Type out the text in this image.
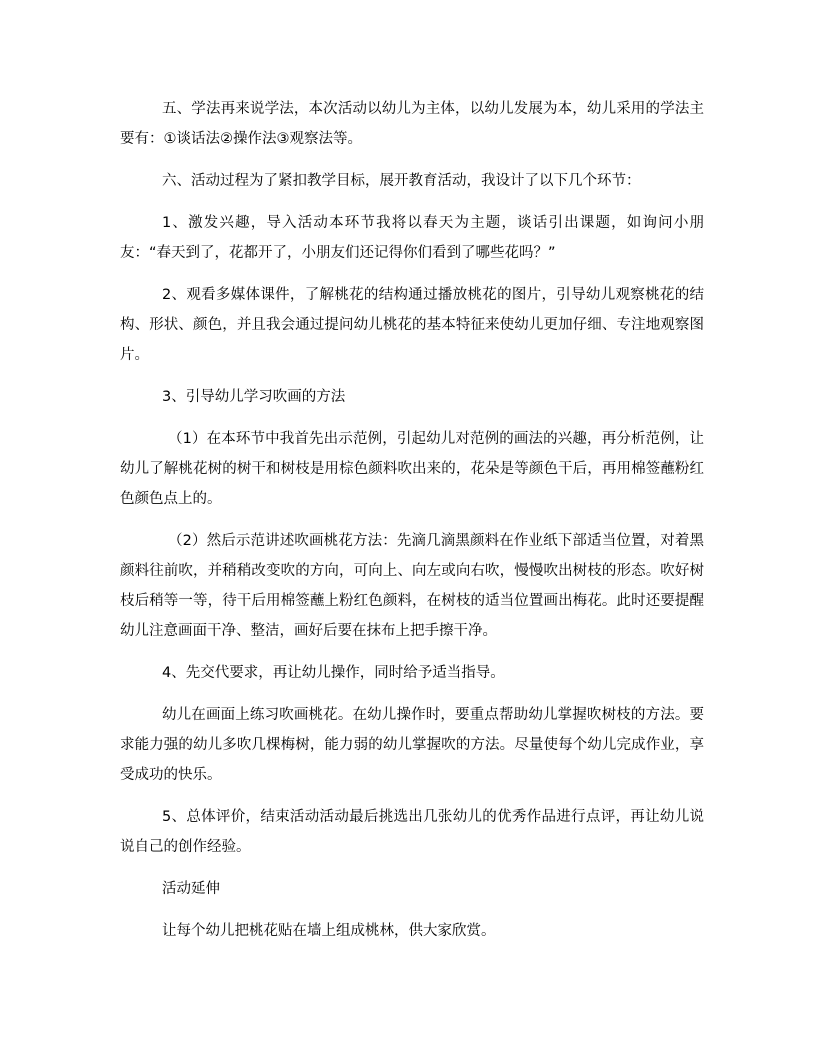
五、学法再来说学法，本次活动以幼儿为主体，以幼儿发展为本，幼儿采用的学法主要有：①谈话法②操作法③观察法等。

六、活动过程为了紧扣教学目标，展开教育活动，我设计了以下几个环节：

1、激发兴趣，导入活动本环节我将以春天为主题，谈话引出课题，如询问小朋友：“春天到了，花都开了，小朋友们还记得你们看到了哪些花吗？”

2、观看多媒体课件，了解桃花的结构通过播放桃花的图片，引导幼儿观察桃花的结构、形状、颜色，并且我会通过提问幼儿桃花的基本特征来使幼儿更加仔细、专注地观察图片。

3、引导幼儿学习吹画的方法

（1）在本环节中我首先出示范例，引起幼儿对范例的画法的兴趣，再分析范例，让幼儿了解桃花树的树干和树枝是用棕色颜料吹出来的，花朵是等颜色干后，再用棉签蘸粉红色颜色点上的。

（2）然后示范讲述吹画桃花方法：先滴几滴黑颜料在作业纸下部适当位置，对着黑颜料往前吹，并稍稍改变吹的方向，可向上、向左或向右吹，慢慢吹出树枝的形态。吹好树枝后稍等一等，待干后用棉签蘸上粉红色颜料，在树枝的适当位置画出梅花。此时还要提醒幼儿注意画面干净、整洁，画好后要在抹布上把手擦干净。

4、先交代要求，再让幼儿操作，同时给予适当指导。

幼儿在画面上练习吹画桃花。在幼儿操作时，要重点帮助幼儿掌握吹树枝的方法。要求能力强的幼儿多吹几棵梅树，能力弱的幼儿掌握吹的方法。尽量使每个幼儿完成作业，享受成功的快乐。

5、总体评价，结束活动活动最后挑选出几张幼儿的优秀作品进行点评，再让幼儿说说自己的创作经验。

活动延伸

让每个幼儿把桃花贴在墙上组成桃林，供大家欣赏。
